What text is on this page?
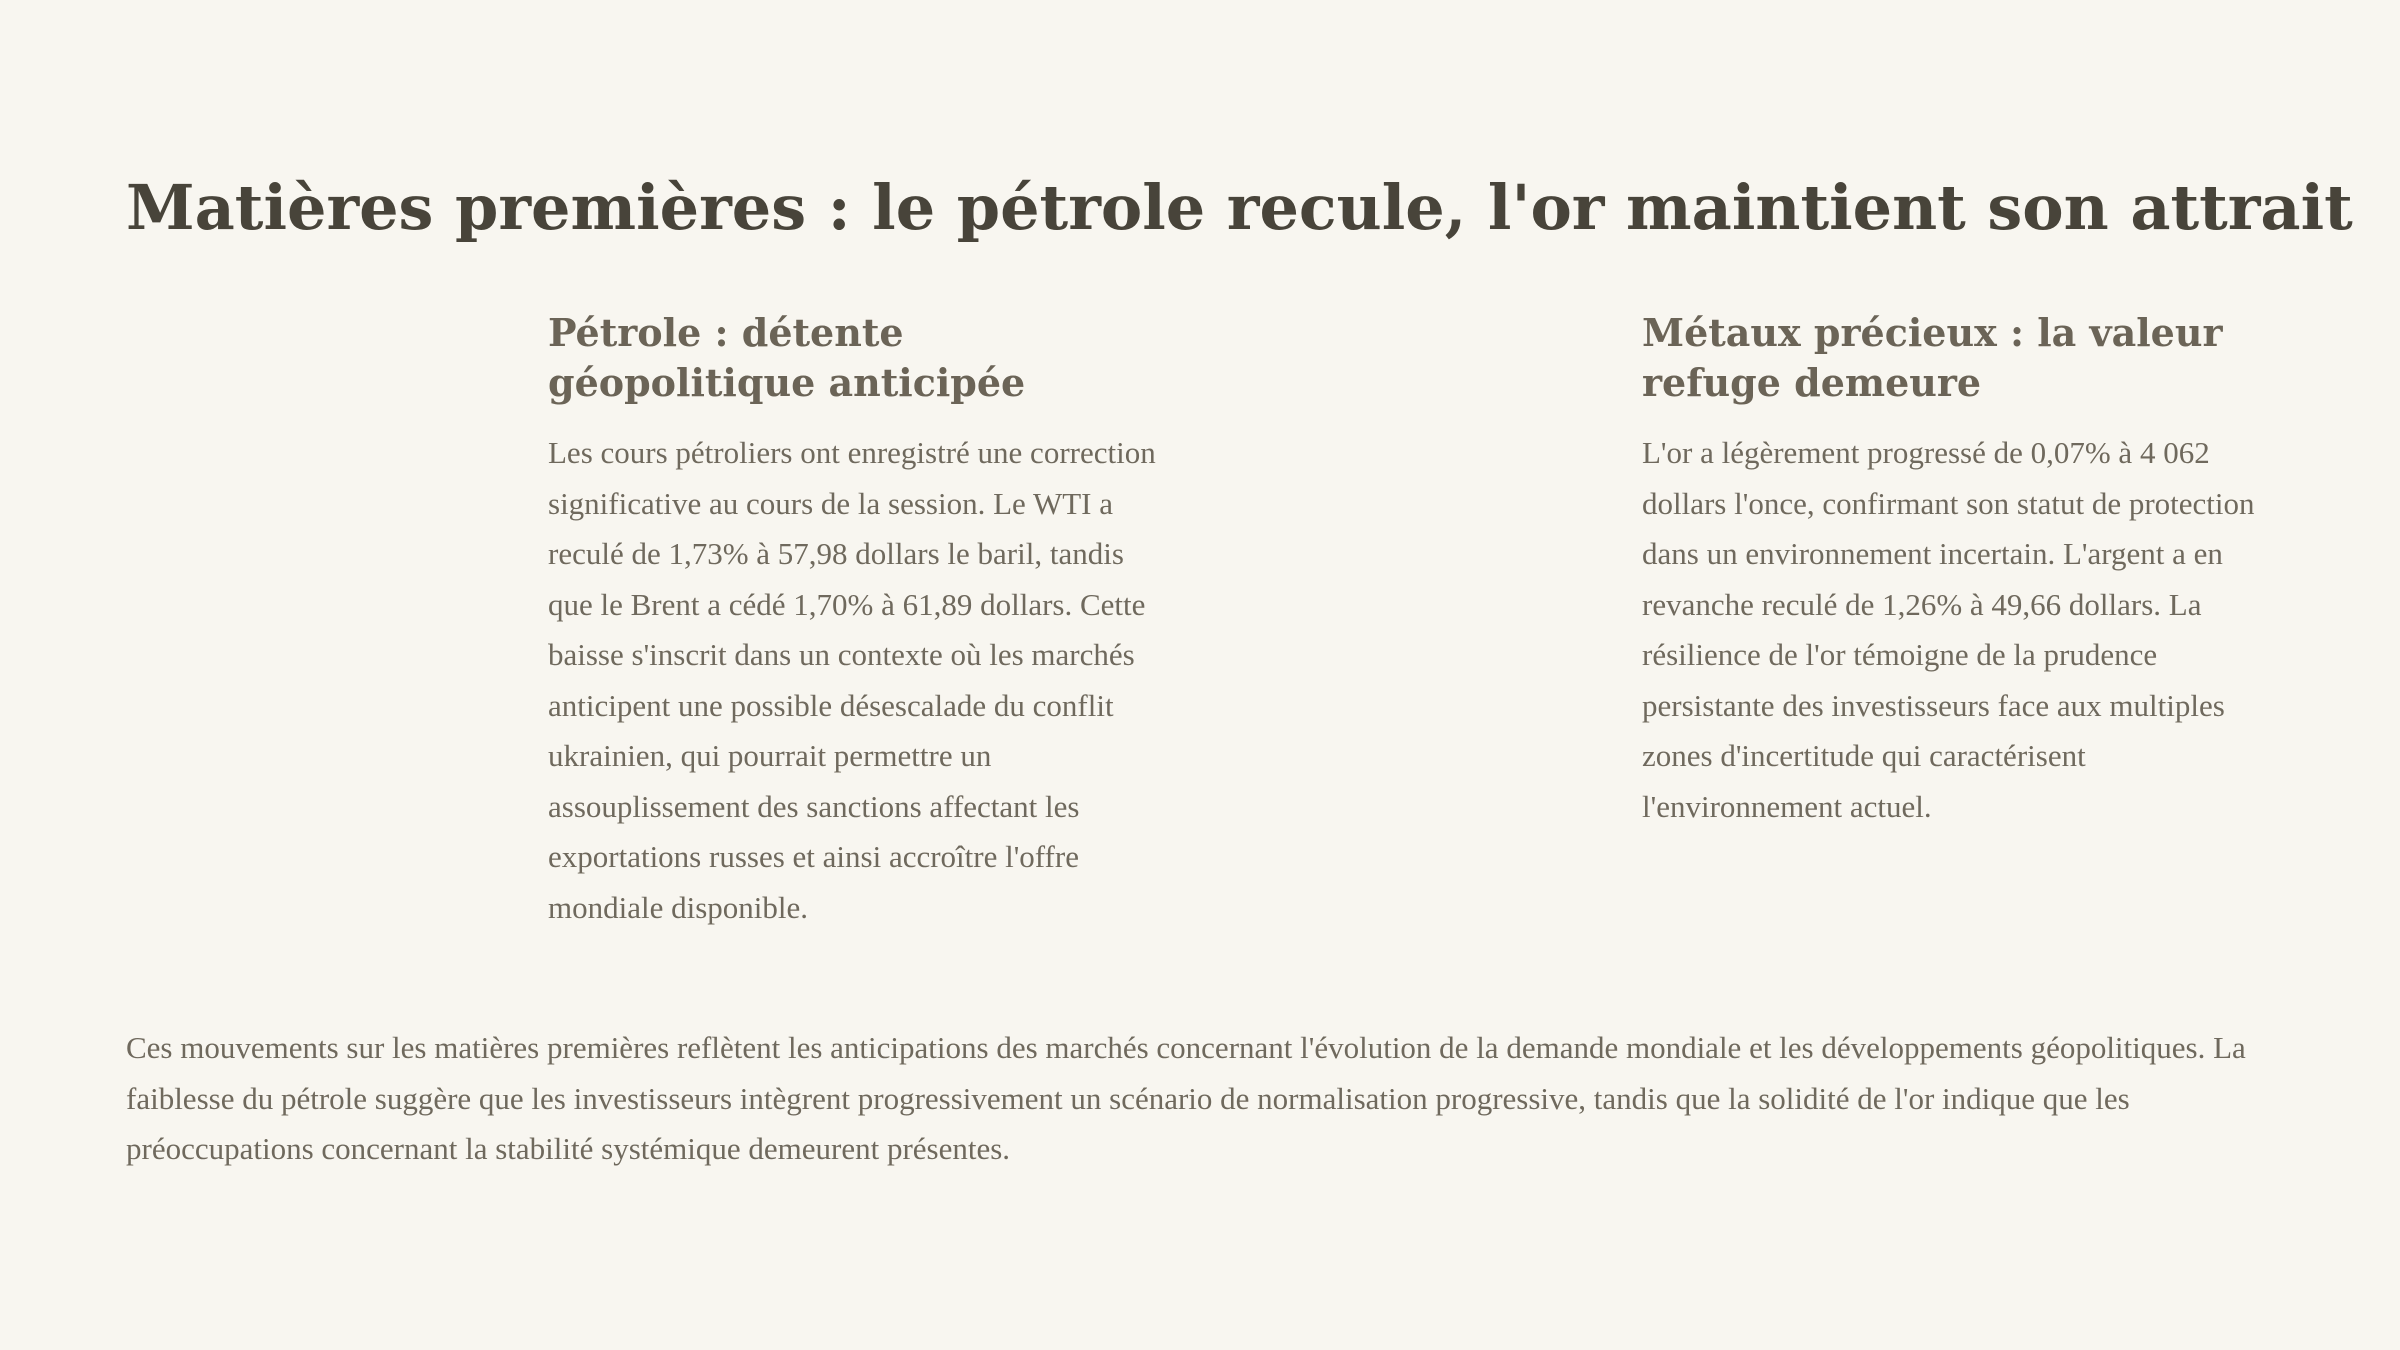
Matières premières : le pétrole recule, l'or maintient son attrait
Pétrole : détente géopolitique anticipée

Les cours pétroliers ont enregistré une correction significative au cours de la session. Le WTI a reculé de 1,73% à 57,98 dollars le baril, tandis que le Brent a cédé 1,70% à 61,89 dollars. Cette baisse s'inscrit dans un contexte où les marchés anticipent une possible désescalade du conflit ukrainien, qui pourrait permettre un assouplissement des sanctions affectant les exportations russes et ainsi accroître l'offre mondiale disponible.

Métaux précieux : la valeur refuge demeure

L'or a légèrement progressé de 0,07% à 4 062 dollars l'once, confirmant son statut de protection dans un environnement incertain. L'argent a en revanche reculé de 1,26% à 49,66 dollars. La résilience de l'or témoigne de la prudence persistante des investisseurs face aux multiples zones d'incertitude qui caractérisent l'environnement actuel.

Ces mouvements sur les matières premières reflètent les anticipations des marchés concernant l'évolution de la demande mondiale et les développements géopolitiques. La faiblesse du pétrole suggère que les investisseurs intègrent progressivement un scénario de normalisation progressive, tandis que la solidité de l'or indique que les préoccupations concernant la stabilité systémique demeurent présentes.
